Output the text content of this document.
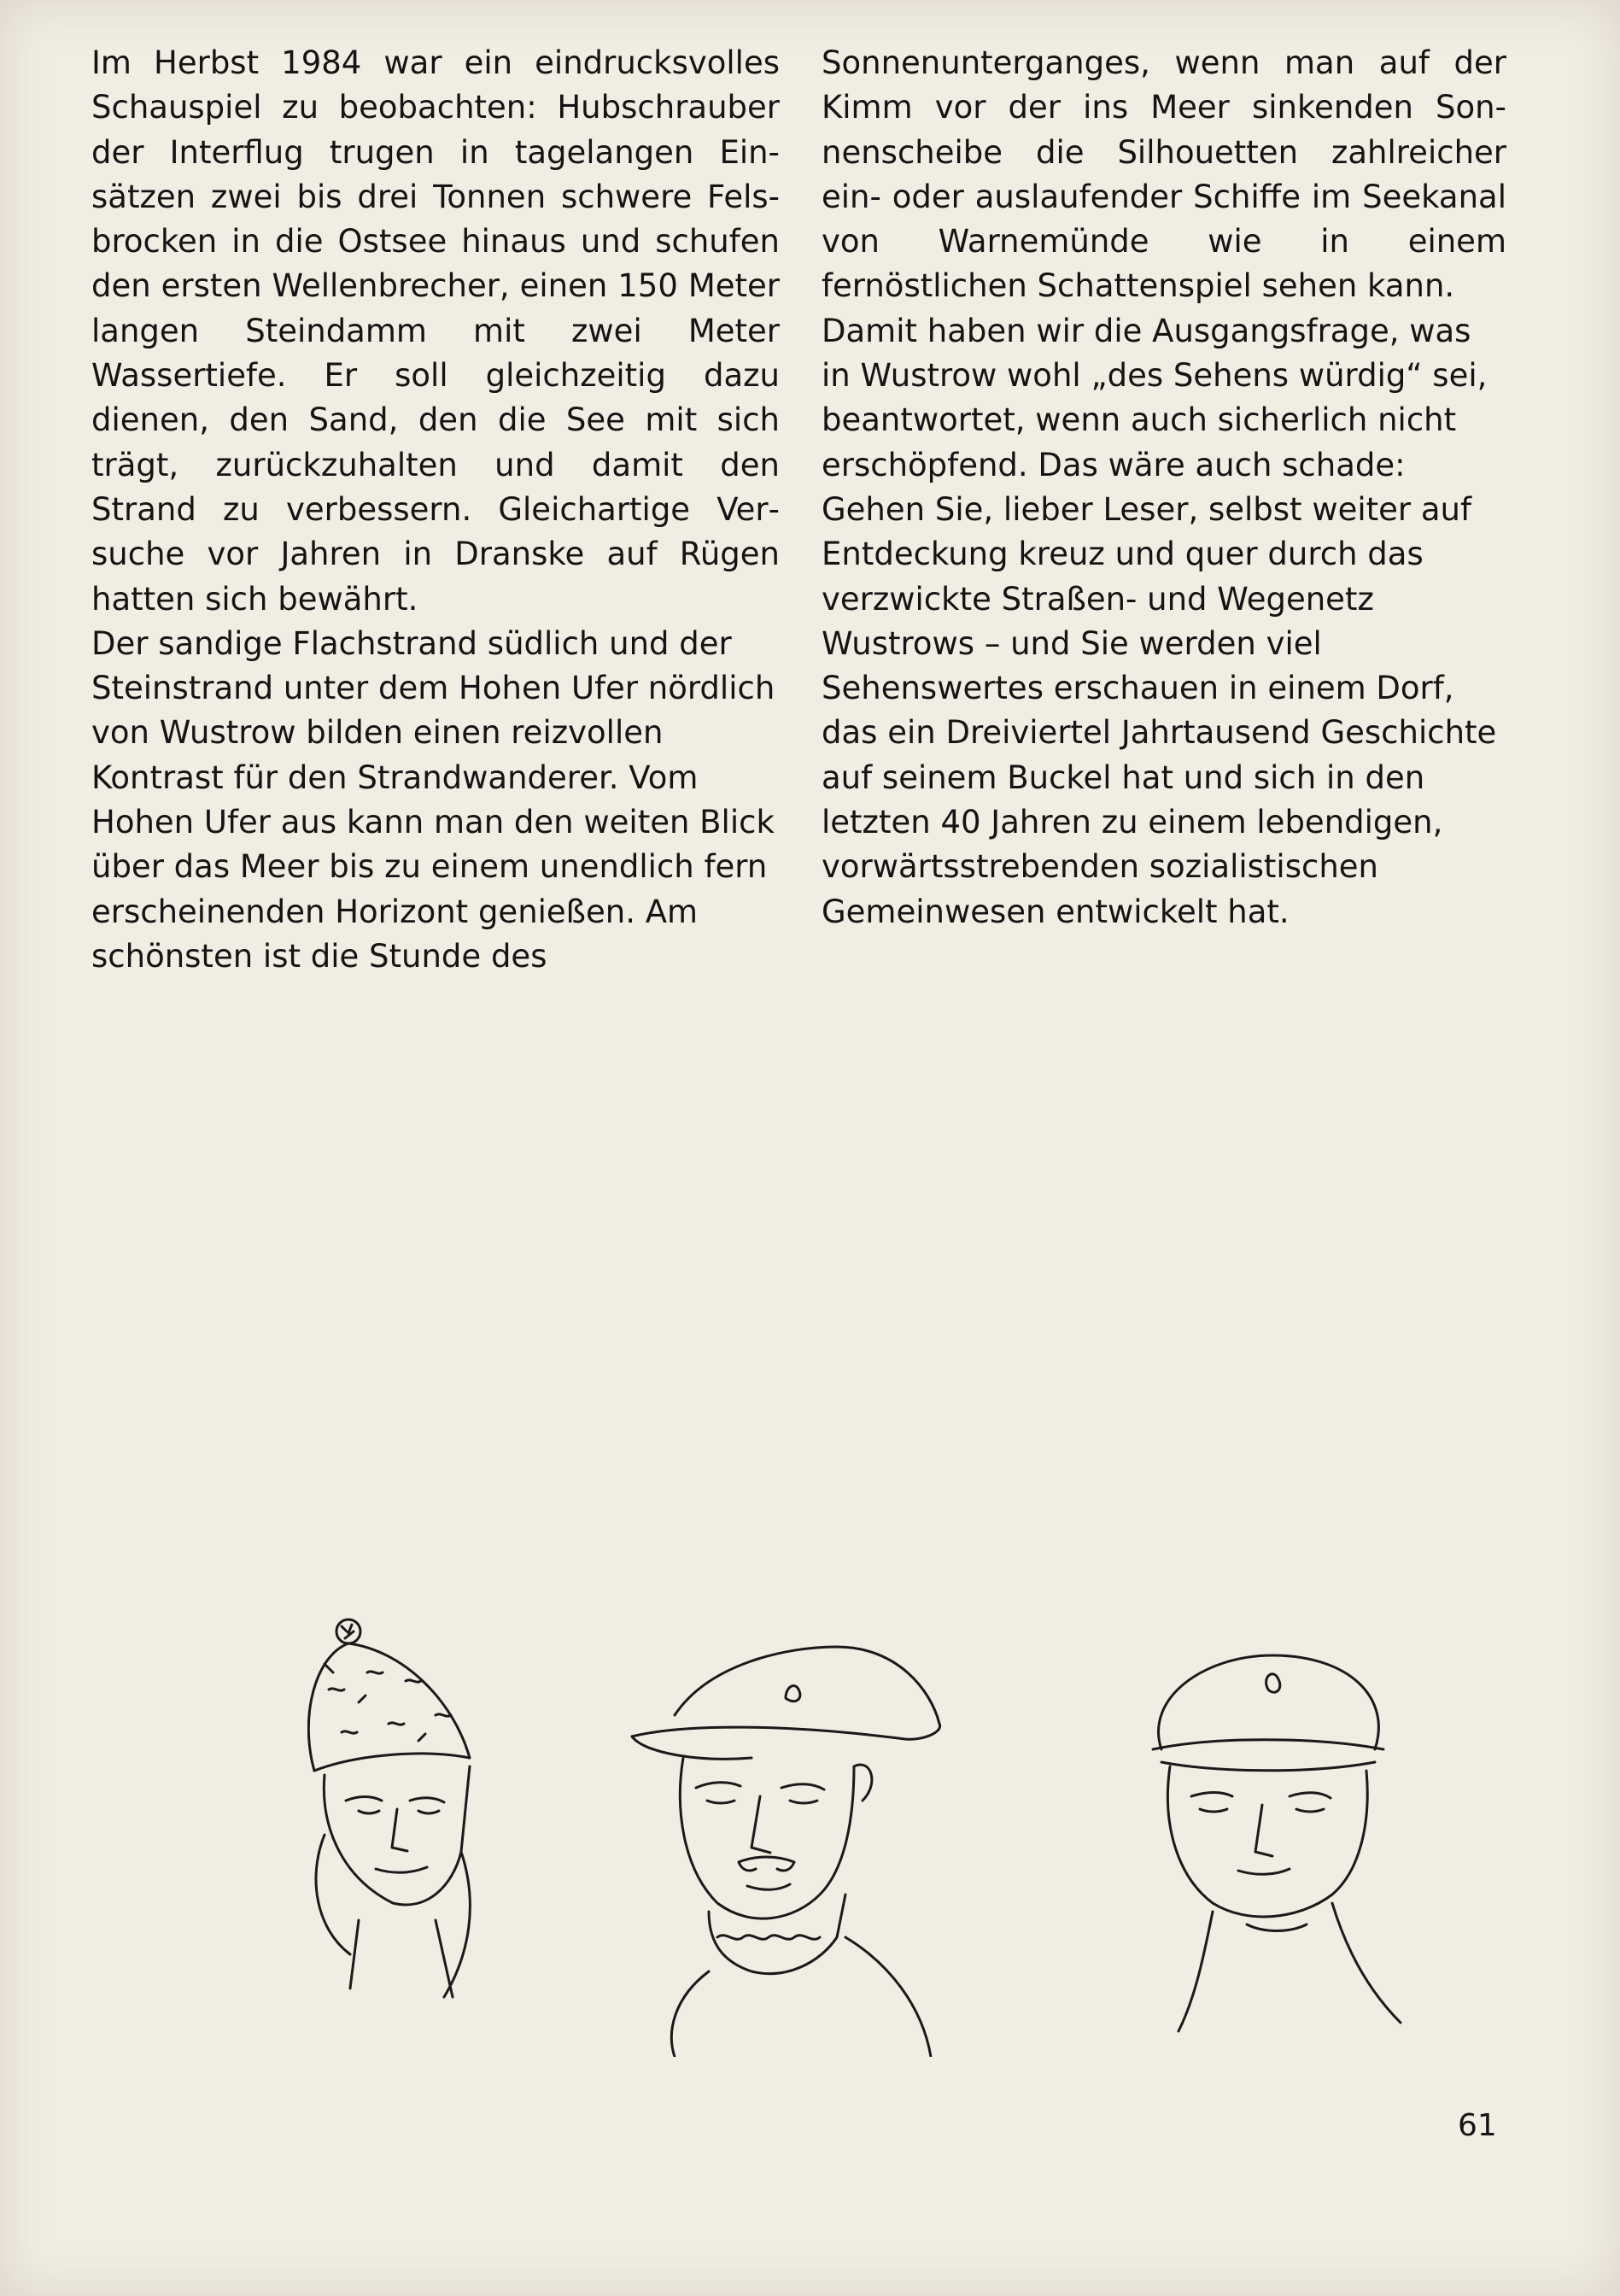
Im Herbst 1984 war ein eindrucksvolles Schauspiel zu beobachten: Hubschrauber der Interflug trugen in tagelangen Einsätzen zwei bis drei Tonnen schwere Felsbrocken in die Ostsee hinaus und schufen den ersten Wellenbrecher, einen 150 Meter langen Steindamm mit zwei Meter Wassertiefe. Er soll gleichzeitig dazu dienen, den Sand, den die See mit sich trägt, zurückzuhalten und damit den Strand zu verbessern. Gleichartige Versuche vor Jahren in Dranske auf Rügen hatten sich bewährt.

Der sandige Flachstrand südlich und der Steinstrand unter dem Hohen Ufer nördlich von Wustrow bilden einen reizvollen Kontrast für den Strandwanderer. Vom Hohen Ufer aus kann man den weiten Blick über das Meer bis zu einem unendlich fern erscheinenden Horizont genießen. Am schönsten ist die Stunde des

Sonnenunterganges, wenn man auf der Kimm vor der ins Meer sinkenden Sonnenscheibe die Silhouetten zahlreicher ein- oder auslaufender Schiffe im Seekanal von Warnemünde wie in einem fernöstlichen Schattenspiel sehen kann.

Damit haben wir die Ausgangsfrage, was in Wustrow wohl „des Sehens würdig“ sei, beantwortet, wenn auch sicherlich nicht erschöpfend. Das wäre auch schade: Gehen Sie, lieber Leser, selbst weiter auf Entdeckung kreuz und quer durch das verzwickte Straßen- und Wegenetz Wustrows – und Sie werden viel Sehenswertes erschauen in einem Dorf, das ein Dreiviertel Jahrtausend Geschichte auf seinem Buckel hat und sich in den letzten 40 Jahren zu einem lebendigen, vorwärtsstrebenden sozialistischen Gemeinwesen entwickelt hat.

61
